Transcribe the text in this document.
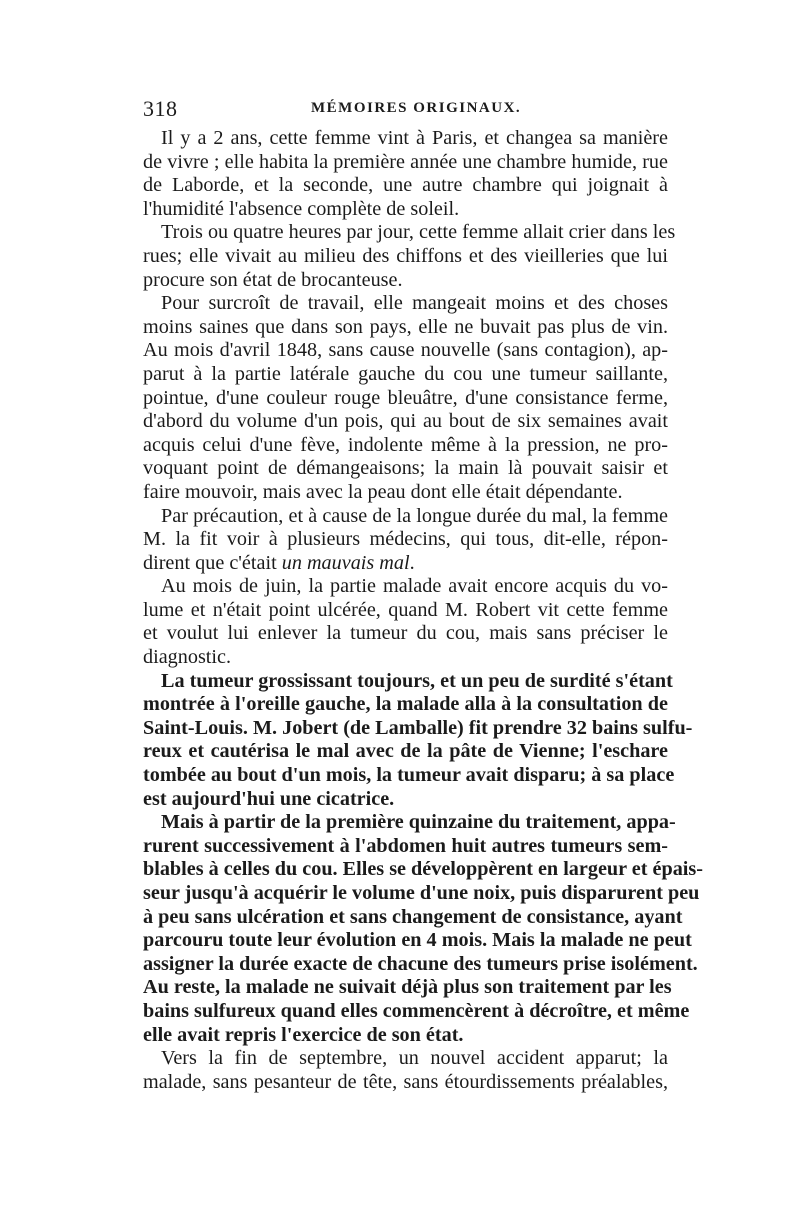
318	MÉMOIRES ORIGINAUX.
Il y a 2 ans, cette femme vint à Paris, et changea sa manière
de vivre ; elle habita la première année une chambre humide, rue
de Laborde, et la seconde, une autre chambre qui joignait à
l'humidité l'absence complète de soleil.
Trois ou quatre heures par jour, cette femme allait crier dans les
rues; elle vivait au milieu des chiffons et des vieilleries que lui
procure son état de brocanteuse.
Pour surcroît de travail, elle mangeait moins et des choses
moins saines que dans son pays, elle ne buvait pas plus de vin.
Au mois d'avril 1848, sans cause nouvelle (sans contagion), ap-
parut à la partie latérale gauche du cou une tumeur saillante,
pointue, d'une couleur rouge bleuâtre, d'une consistance ferme,
d'abord du volume d'un pois, qui au bout de six semaines avait
acquis celui d'une fève, indolente même à la pression, ne pro-
voquant point de démangeaisons; la main là pouvait saisir et
faire mouvoir, mais avec la peau dont elle était dépendante.
Par précaution, et à cause de la longue durée du mal, la femme
M. la fit voir à plusieurs médecins, qui tous, dit-elle, répon-
dirent que c'était un mauvais mal.
Au mois de juin, la partie malade avait encore acquis du vo-
lume et n'était point ulcérée, quand M. Robert vit cette femme
et voulut lui enlever la tumeur du cou, mais sans préciser le
diagnostic.
La tumeur grossissant toujours, et un peu de surdité s'étant
montrée à l'oreille gauche, la malade alla à la consultation de
Saint-Louis. M. Jobert (de Lamballe) fit prendre 32 bains sulfu-
reux et cautérisa le mal avec de la pâte de Vienne; l'eschare
tombée au bout d'un mois, la tumeur avait disparu; à sa place
est aujourd'hui une cicatrice.
Mais à partir de la première quinzaine du traitement, appa-
rurent successivement à l'abdomen huit autres tumeurs sem-
blables à celles du cou. Elles se développèrent en largeur et épais-
seur jusqu'à acquérir le volume d'une noix, puis disparurent peu
à peu sans ulcération et sans changement de consistance, ayant
parcouru toute leur évolution en 4 mois. Mais la malade ne peut
assigner la durée exacte de chacune des tumeurs prise isolément.
Au reste, la malade ne suivait déjà plus son traitement par les
bains sulfureux quand elles commencèrent à décroître, et même
elle avait repris l'exercice de son état.
Vers la fin de septembre, un nouvel accident apparut; la
malade, sans pesanteur de tête, sans étourdissements préalables,
